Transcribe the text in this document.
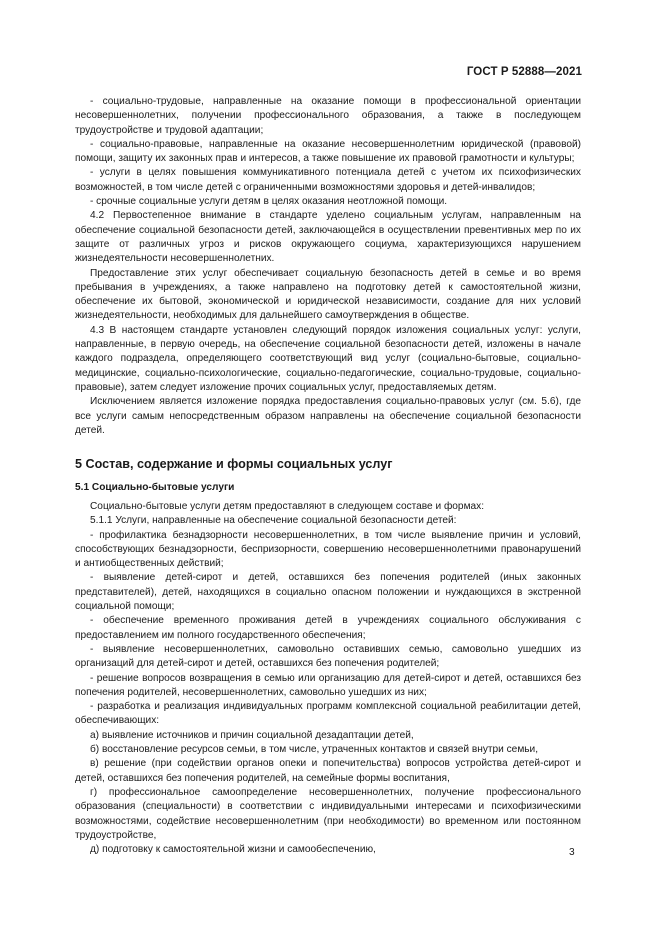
ГОСТ Р 52888—2021

- социально-трудовые, направленные на оказание помощи в профессиональной ориентации несовершеннолетних, получении профессионального образования, а также в последующем трудоустройстве и трудовой адаптации;

- социально-правовые, направленные на оказание несовершеннолетним юридической (правовой) помощи, защиту их законных прав и интересов, а также повышение их правовой грамотности и культуры;

- услуги в целях повышения коммуникативного потенциала детей с учетом их психофизических возможностей, в том числе детей с ограниченными возможностями здоровья и детей-инвалидов;

- срочные социальные услуги детям в целях оказания неотложной помощи.

4.2 Первостепенное внимание в стандарте уделено социальным услугам, направленным на обеспечение социальной безопасности детей, заключающейся в осуществлении превентивных мер по их защите от различных угроз и рисков окружающего социума, характеризующихся нарушением жизнедеятельности несовершеннолетних.

Предоставление этих услуг обеспечивает социальную безопасность детей в семье и во время пребывания в учреждениях, а также направлено на подготовку детей к самостоятельной жизни, обеспечение их бытовой, экономической и юридической независимости, создание для них условий жизнедеятельности, необходимых для дальнейшего самоутверждения в обществе.

4.3 В настоящем стандарте установлен следующий порядок изложения социальных услуг: услуги, направленные, в первую очередь, на обеспечение социальной безопасности детей, изложены в начале каждого подраздела, определяющего соответствующий вид услуг (социально-бытовые, социально-медицинские, социально-психологические, социально-педагогические, социально-трудовые, социально-правовые), затем следует изложение прочих социальных услуг, предоставляемых детям.

Исключением является изложение порядка предоставления социально-правовых услуг (см. 5.6), где все услуги самым непосредственным образом направлены на обеспечение социальной безопасности детей.

5 Состав, содержание и формы социальных услуг
5.1 Социально-бытовые услуги

Социально-бытовые услуги детям предоставляют в следующем составе и формах:

5.1.1 Услуги, направленные на обеспечение социальной безопасности детей:

- профилактика безнадзорности несовершеннолетних, в том числе выявление причин и условий, способствующих безнадзорности, беспризорности, совершению несовершеннолетними правонарушений и антиобщественных действий;

- выявление детей-сирот и детей, оставшихся без попечения родителей (иных законных представителей), детей, находящихся в социально опасном положении и нуждающихся в экстренной социальной помощи;

- обеспечение временного проживания детей в учреждениях социального обслуживания с предоставлением им полного государственного обеспечения;

- выявление несовершеннолетних, самовольно оставивших семью, самовольно ушедших из организаций для детей-сирот и детей, оставшихся без попечения родителей;

- решение вопросов возвращения в семью или организацию для детей-сирот и детей, оставшихся без попечения родителей, несовершеннолетних, самовольно ушедших из них;

- разработка и реализация индивидуальных программ комплексной социальной реабилитации детей, обеспечивающих:

а) выявление источников и причин социальной дезадаптации детей,

б) восстановление ресурсов семьи, в том числе, утраченных контактов и связей внутри семьи,

в) решение (при содействии органов опеки и попечительства) вопросов устройства детей-сирот и детей, оставшихся без попечения родителей, на семейные формы воспитания,

г) профессиональное самоопределение несовершеннолетних, получение профессионального образования (специальности) в соответствии с индивидуальными интересами и психофизическими возможностями, содействие несовершеннолетним (при необходимости) во временном или постоянном трудоустройстве,

д) подготовку к самостоятельной жизни и самообеспечению,	3
